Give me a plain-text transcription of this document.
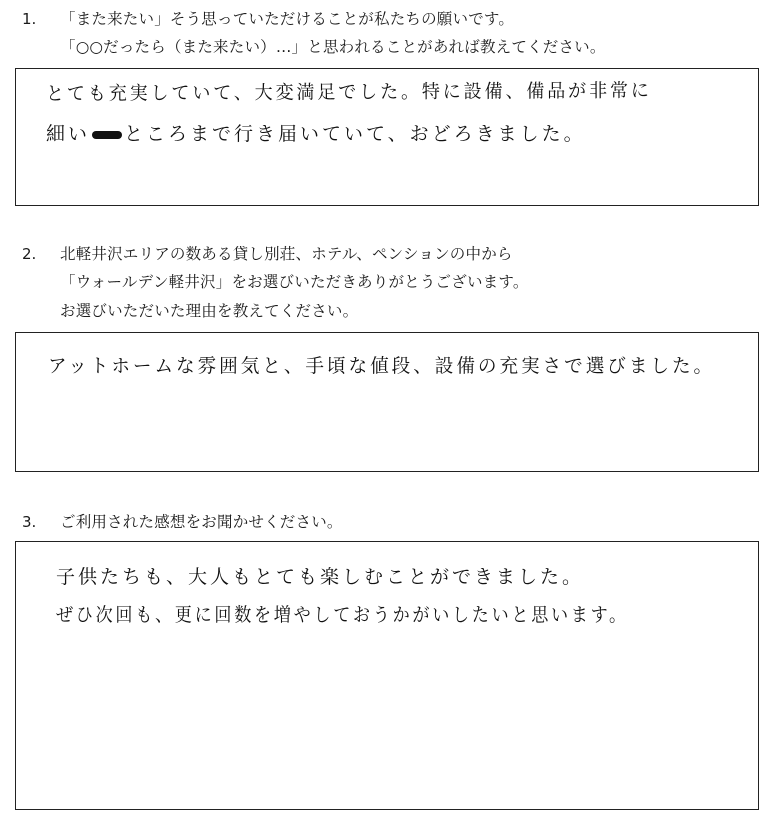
1. 「また来たい」そう思っていただけることが私たちの願いです。
「○○だったら（また来たい）…」と思われることがあれば教えてください。
とても充実していて、大変満足でした。特に設備、備品が非常に
細い ところまで行き届いていて、おどろきました。
2. 北軽井沢エリアの数ある貸し別荘、ホテル、ペンションの中から
「ウォールデン軽井沢」をお選びいただきありがとうございます。
お選びいただいた理由を教えてください。
アットホームな雰囲気と、手頃な値段、設備の充実さで選びました。
3. ご利用された感想をお聞かせください。
子供たちも、大人もとても楽しむことができました。
ぜひ次回も、更に回数を増やしておうかがいしたいと思います。
